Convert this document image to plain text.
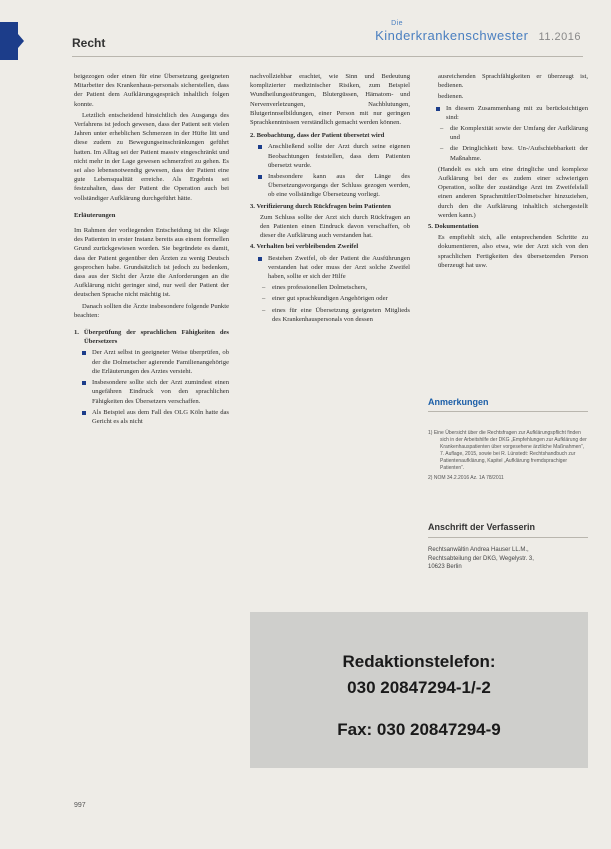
Recht
Die
Kinderkrankenschwester 11.2016

beigezogen oder einen für eine Übersetzung geeigneten Mitarbeiter des Krankenhaus-personals sicherstellen, dass der Patient dem Aufklärungsgespräch inhaltlich folgen konnte.

Letztlich entscheidend hinsichtlich des Ausgangs des Verfahrens ist jedoch gewesen, dass der Patient seit vielen Jahren unter erheblichen Schmerzen in der Hüfte litt und diese zudem zu Bewegungseinschränkungen geführt hatten. Im Alltag sei der Patient massiv eingeschränkt und nicht mehr in der Lage gewesen schmerzfrei zu gehen. Es sei also lebensnotwendig gewesen, dass der Patient eine gute Lebensqualität erreiche. Als Ergebnis sei festzuhalten, dass der Patient die Operation auch bei vollständiger Aufklärung durchgeführt hätte.

Erläuterungen

Im Rahmen der vorliegenden Entscheidung ist die Klage des Patienten in erster Instanz bereits aus einem formellen Grund zurückgewiesen worden. Sie begründete es damit, dass der Patient gegenüber den Ärzten zu wenig Deutsch gesprochen habe. Grundsätzlich ist jedoch zu bedenken, dass aus der Sicht der Ärzte die Anforderungen an die Aufklärung nicht geringer sind, nur weil der Patient der deutschen Sprache nicht mächtig ist.

Danach sollten die Ärzte insbesondere folgende Punkte beachten:

1. Überprüfung der sprachlichen Fähigkeiten des Übersetzers

Der Arzt selbst in geeigneter Weise überprüfen, ob der die Dolmetscher agierende Familienangehörige die Erläuterungen des Arztes versteht.

Insbesondere sollte sich der Arzt zumindest einen ungefähren Eindruck von den sprachlichen Fähigkeiten des Übersetzers verschaffen.

Als Beispiel aus dem Fall des OLG Köln hatte das Gericht es als nicht

nachvollziehbar erachtet, wie Sinn und Bedeutung komplizierter medizinischer Risiken, zum Beispiel Wundheilungsstörungen, Blutergüssen, Hämatom- und Nervenverletzungen, Nachblutungen, Blutgerinnselbildungen, einer Person mit nur geringen Sprachkenntnissen verständlich gemacht werden können.

2. Beobachtung, dass der Patient übersetzt wird

Anschließend sollte der Arzt durch seine eigenen Beobachtungen feststellen, dass dem Patienten übersetzt wurde.

Insbesondere kann aus der Länge des Übersetzungsvorgangs der Schluss gezogen werden, ob eine vollständige Übersetzung vorliegt.

3. Verifizierung durch Rückfragen beim Patienten

Zum Schluss sollte der Arzt sich durch Rückfragen an den Patienten einen Eindruck davon verschaffen, ob dieser die Aufklärung auch verstanden hat.

4. Verhalten bei verbleibenden Zweifel

Bestehen Zweifel, ob der Patient die Ausführungen verstanden hat oder muss der Arzt solche Zweifel haben, sollte er sich der Hilfe

– eines professionellen Dolmetschers,

– einer gut sprachkundigen Angehörigen oder

– eines für eine Übersetzung geeigneten Mitglieds des Krankenhauspersonals von dessen

ausreichenden Sprachfähigkeiten er überzeugt ist, bedienen.

bedienen.

In diesem Zusammenhang mit zu berücksichtigen sind:

– die Komplexität sowie der Umfang der Aufklärung und

– die Dringlichkeit bzw. Un-/Aufschiebbarkeit der Maßnahme.

(Handelt es sich um eine dringliche und komplexe Aufklärung bei der es zudem einer schwierigen Operation, sollte der zuständige Arzt im Zweifelsfall einen anderen Sprachmittler/Dolmetscher hinzuziehen, durch den die Aufklärung inhaltlich sichergestellt werden kann.)

5. Dokumentation

Es empfiehlt sich, alle entsprechenden Schritte zu dokumentieren, also etwa, wie der Arzt sich von den sprachlichen Fertigkeiten des übersetzenden Person überzeugt hat usw.

Anmerkungen

1) Eine Übersicht über die Rechtsfragen zur Aufklärungspflicht finden sich in der Arbeitshilfe der DKG „Empfehlungen zur Aufklärung der Krankenhauspatienten über vorgesehene ärztliche Maßnahmen“, 7. Auflage, 2015, sowie bei R. Lünstedt: Rechtshandbuch zur Patientenaufklärung, Kapitel „Aufklärung fremdsprachiger Patienten“.

2) NOM 34.2.2016 Az. 1A 78/2011

Anschrift der Verfasserin
Rechtsanwältin Andrea Hauser LL.M.,
Rechtsabteilung der DKG, Wegelystr. 3,
10623 Berlin
Redaktionstelefon:
030 20847294-1/-2
Fax: 030 20847294-9
997
